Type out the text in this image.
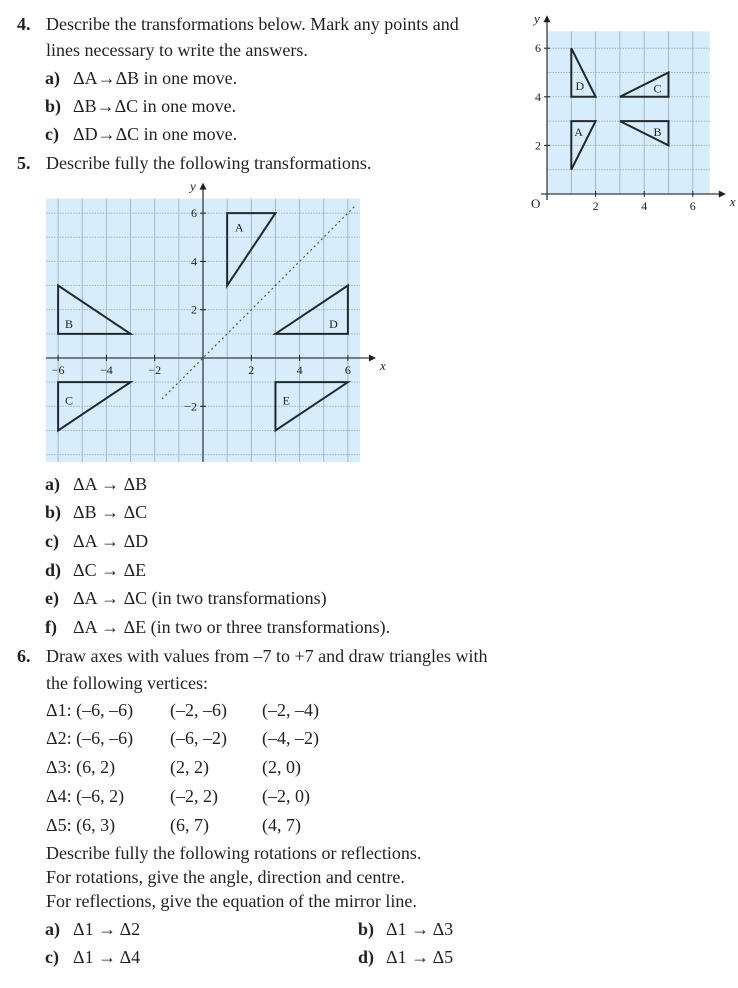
4. Describe the transformations below. Mark any points and
lines necessary to write the answers.
a) ΔA→ΔB in one move.
b) ΔB→ΔC in one move.
c) ΔD→ΔC in one move.
5. Describe fully the following transformations.
x
y
O	2	4	6
2
4
6
D
A
C
B
x
y
−6	−4	−2	2	4	6
−2
2
4
6
A
B
C
D
E
a) ΔA → ΔB
b) ΔB → ΔC
c) ΔA → ΔD
d) ΔC → ΔE
e) ΔA → ΔC (in two transformations)
f) ΔA → ΔE (in two or three transformations).
6. Draw axes with values from –7 to +7 and draw triangles with
the following vertices:
Δ1: (–6, –6) (–2, –6) (–2, –4)
Δ2: (–6, –6) (–6, –2) (–4, –2)
Δ3: (6, 2)	(2, 2)	(2, 0)
Δ4: (–6, 2)	(–2, 2) (–2, 0)
Δ5: (6, 3)	(6, 7)	(4, 7)
Describe fully the following rotations or reflections.
For rotations, give the angle, direction and centre.
For reflections, give the equation of the mirror line.
a) Δ1 → Δ2	b) Δ1 → Δ3
c) Δ1 → Δ4	d) Δ1 → Δ5
